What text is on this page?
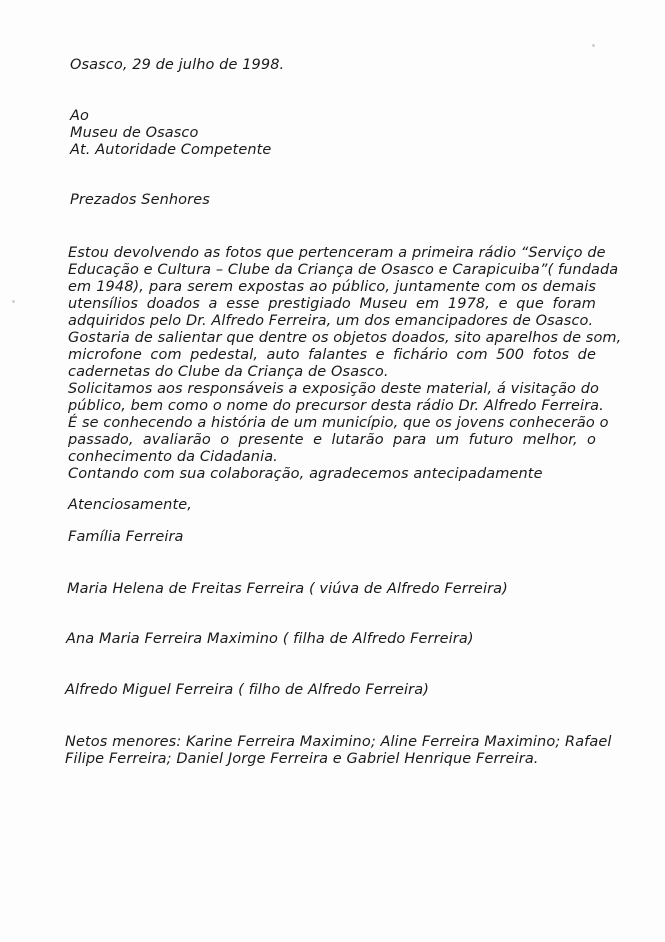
Osasco, 29 de julho de 1998.
Ao
Museu de Osasco
At. Autoridade Competente
Prezados Senhores
Estou devolvendo as fotos que pertenceram a primeira rádio “Serviço de
Educação e Cultura – Clube da Criança de Osasco e Carapicuiba”( fundada
em 1948), para serem expostas ao público, juntamente com os demais
utensílios doados a esse prestigiado Museu em 1978, e que foram
adquiridos pelo Dr. Alfredo Ferreira, um dos emancipadores de Osasco.
Gostaria de salientar que dentre os objetos doados, sito aparelhos de som,
microfone com pedestal, auto falantes e fichário com 500 fotos de
cadernetas do Clube da Criança de Osasco.
Solicitamos aos responsáveis a exposição deste material, á visitação do
público, bem como o nome do precursor desta rádio Dr. Alfredo Ferreira.
É se conhecendo a história de um município, que os jovens conhecerão o
passado, avaliarão o presente e lutarão para um futuro melhor, o
conhecimento da Cidadania.
Contando com sua colaboração, agradecemos antecipadamente
Atenciosamente,
Família Ferreira
Maria Helena de Freitas Ferreira ( viúva de Alfredo Ferreira)
Ana Maria Ferreira Maximino ( filha de Alfredo Ferreira)
Alfredo Miguel Ferreira ( filho de Alfredo Ferreira)
Netos menores: Karine Ferreira Maximino; Aline Ferreira Maximino; Rafael
Filipe Ferreira; Daniel Jorge Ferreira e Gabriel Henrique Ferreira.
